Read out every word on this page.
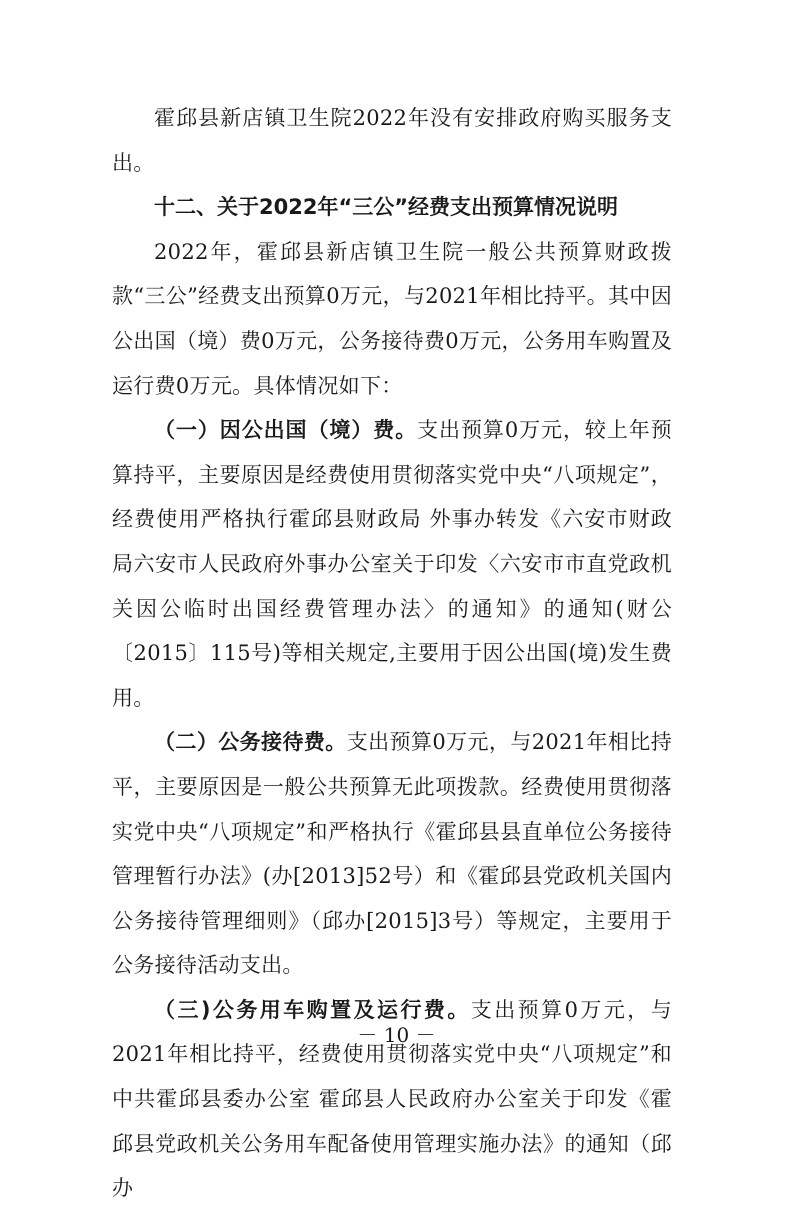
霍邱县新店镇卫生院2022年没有安排政府购买服务支出。

十二、关于2022年“三公”经费支出预算情况说明

2022年，霍邱县新店镇卫生院一般公共预算财政拨款“三公”经费支出预算0万元，与2021年相比持平。其中因公出国（境）费0万元，公务接待费0万元，公务用车购置及运行费0万元。具体情况如下：

（一）因公出国（境）费。支出预算0万元，较上年预算持平，主要原因是经费使用贯彻落实党中央“八项规定”，经费使用严格执行霍邱县财政局 外事办转发《六安市财政局六安市人民政府外事办公室关于印发〈六安市市直党政机关因公临时出国经费管理办法〉的通知》的通知(财公〔2015〕115号)等相关规定,主要用于因公出国(境)发生费用。

（二）公务接待费。支出预算0万元，与2021年相比持平，主要原因是一般公共预算无此项拨款。经费使用贯彻落实党中央“八项规定”和严格执行《霍邱县县直单位公务接待管理暂行办法》(办[2013]52号）和《霍邱县党政机关国内公务接待管理细则》（邱办[2015]3号）等规定，主要用于公务接待活动支出。

（三)公务用车购置及运行费。支出预算0万元，与2021年相比持平，经费使用贯彻落实党中央“八项规定”和中共霍邱县委办公室 霍邱县人民政府办公室关于印发《霍邱县党政机关公务用车配备使用管理实施办法》的通知（邱办

－ 10 －
